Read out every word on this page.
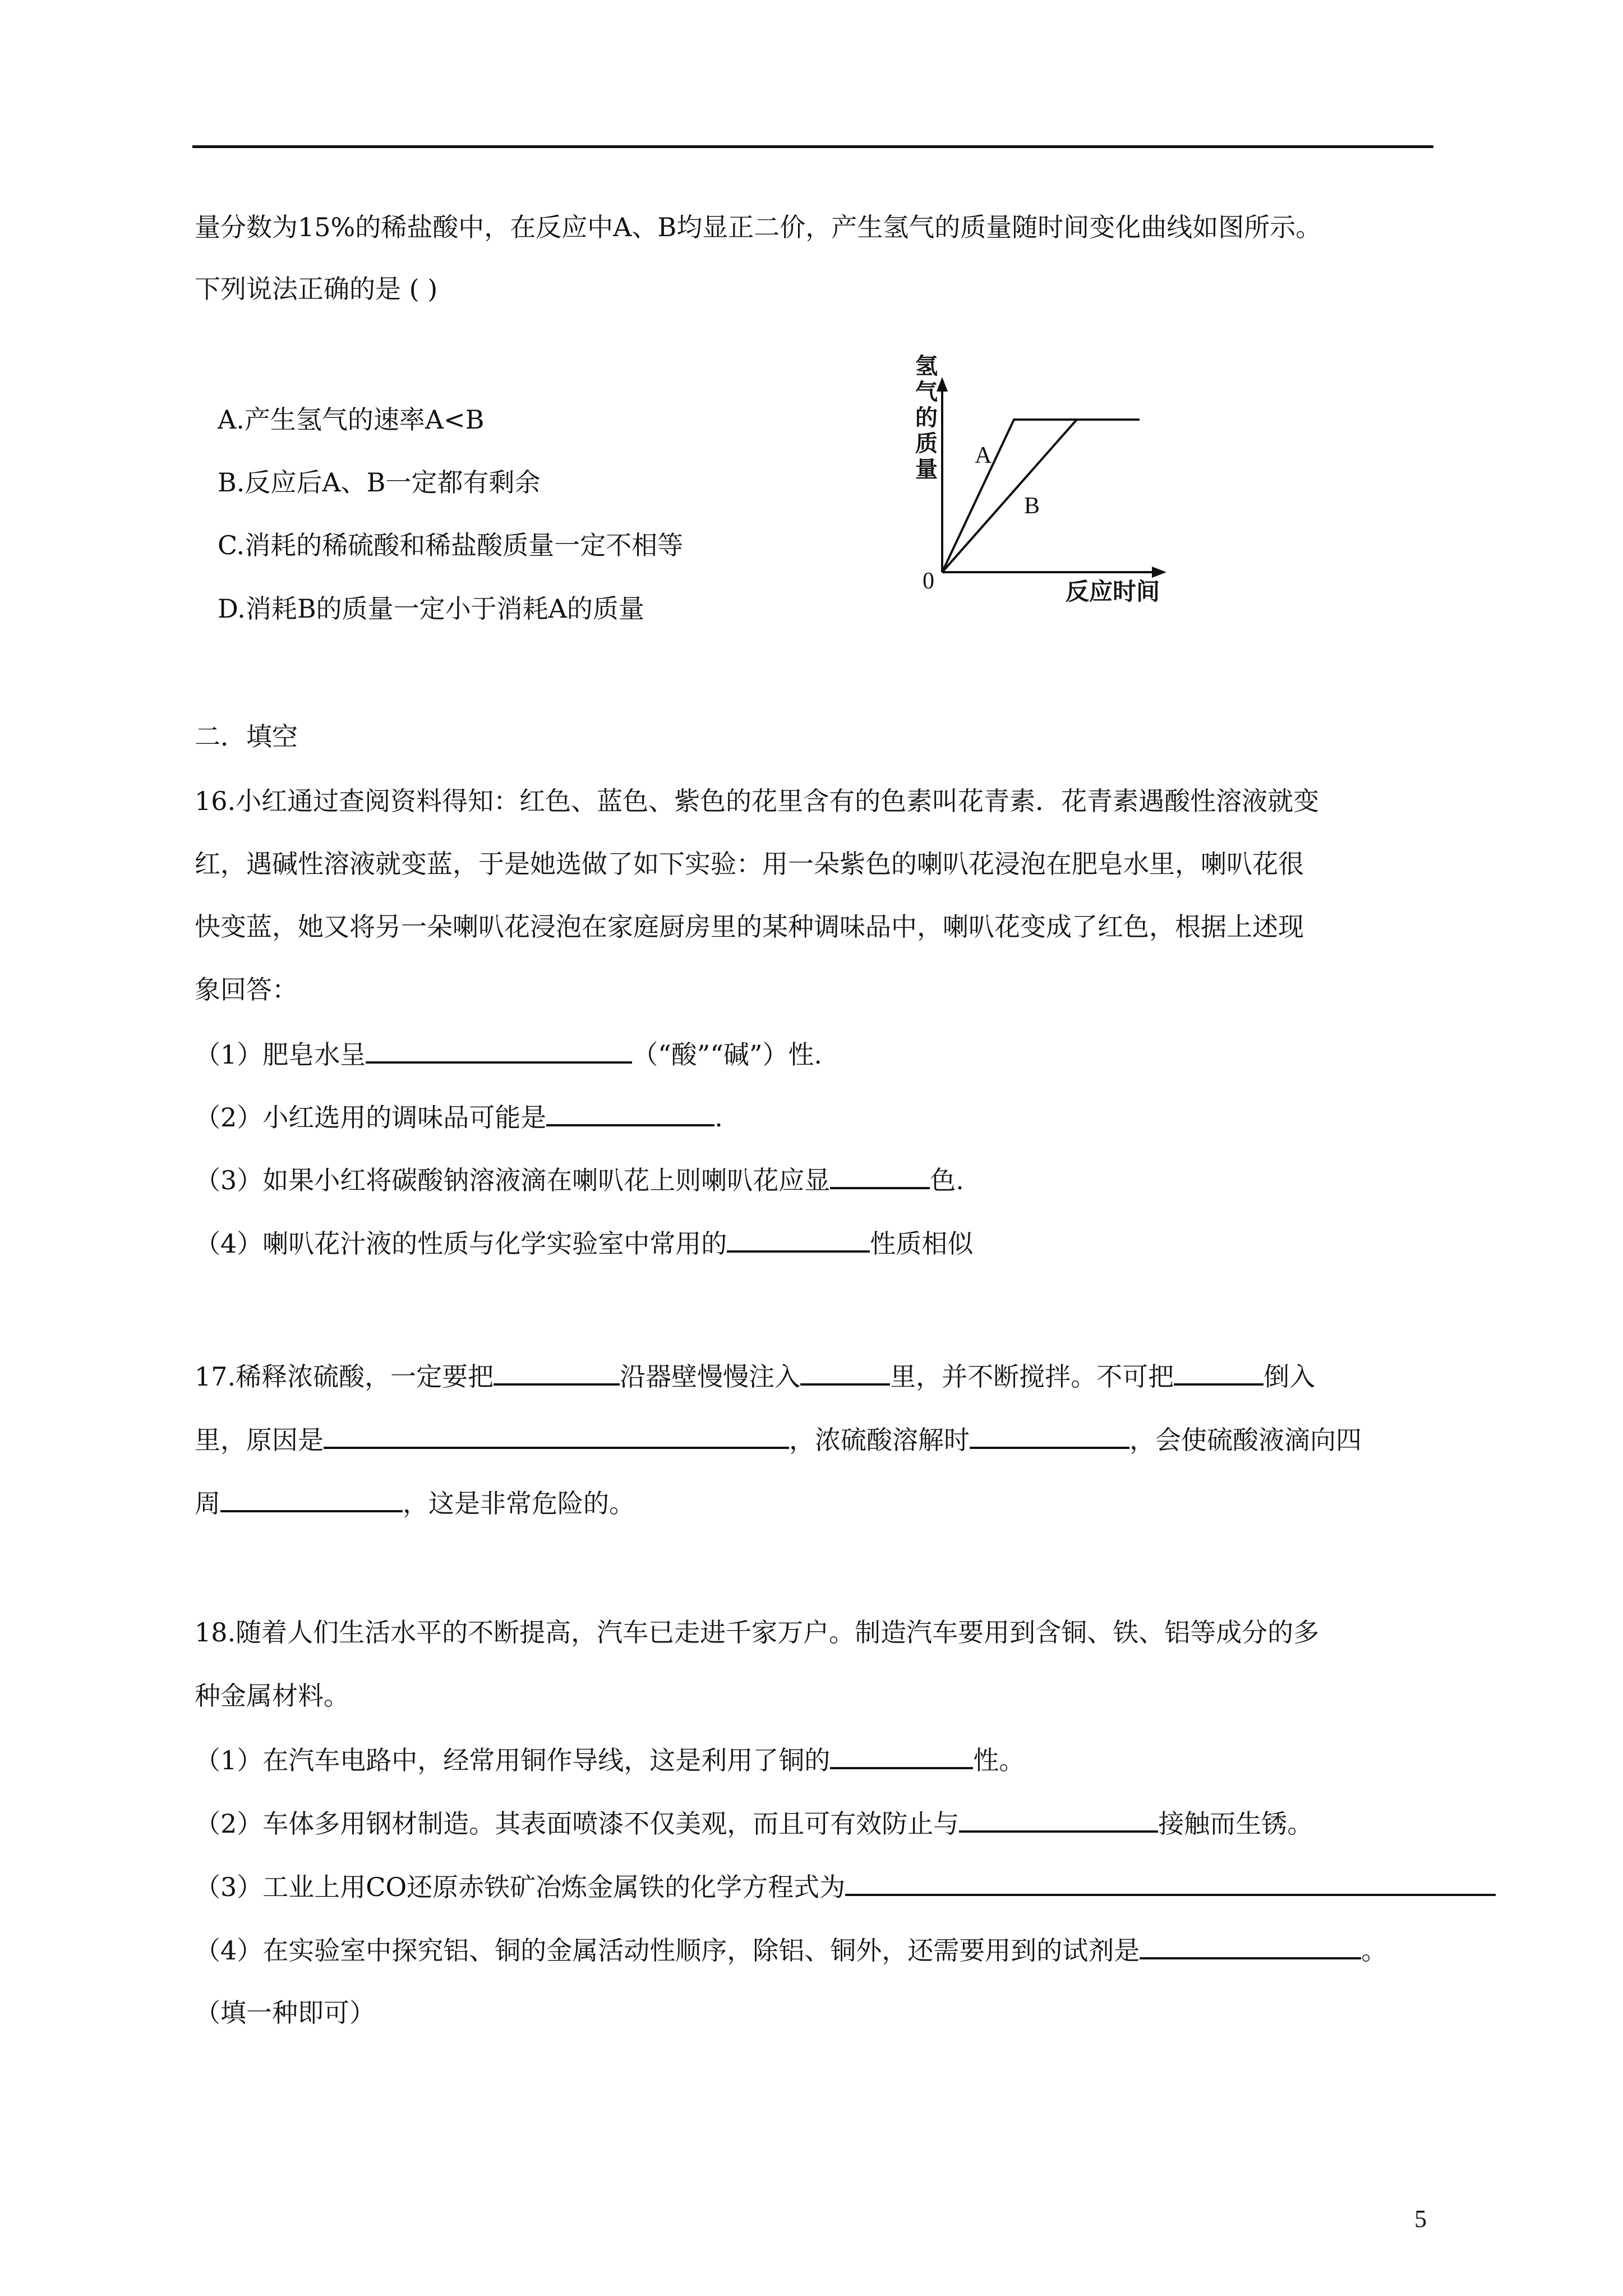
量分数为15%的稀盐酸中，在反应中A、B均显正二价，产生氢气的质量随时间变化曲线如图所示。
下列说法正确的是 ( )
A.产生氢气的速率A<B
B.反应后A、B一定都有剩余
C.消耗的稀硫酸和稀盐酸质量一定不相等
D.消耗B的质量一定小于消耗A的质量
氢气的质量
反应时间
0
A
B
二．填空
16.小红通过查阅资料得知：红色、蓝色、紫色的花里含有的色素叫花青素．花青素遇酸性溶液就变
红，遇碱性溶液就变蓝，于是她选做了如下实验：用一朵紫色的喇叭花浸泡在肥皂水里，喇叭花很
快变蓝，她又将另一朵喇叭花浸泡在家庭厨房里的某种调味品中，喇叭花变成了红色，根据上述现
象回答：
（1）肥皂水呈	（“酸”“碱”）性.
（2）小红选用的调味品可能是	.
（3）如果小红将碳酸钠溶液滴在喇叭花上则喇叭花应显	色.
（4）喇叭花汁液的性质与化学实验室中常用的	性质相似
17.稀释浓硫酸，一定要把	沿器壁慢慢注入	里，并不断搅拌。不可把	倒入
里，原因是	，浓硫酸溶解时	，会使硫酸液滴向四
周	，这是非常危险的。
18.随着人们生活水平的不断提高，汽车已走进千家万户。制造汽车要用到含铜、铁、铝等成分的多
种金属材料。
（1）在汽车电路中，经常用铜作导线，这是利用了铜的	性。
（2）车体多用钢材制造。其表面喷漆不仅美观，而且可有效防止与	接触而生锈。
（3）工业上用CO还原赤铁矿冶炼金属铁的化学方程式为
（4）在实验室中探究铝、铜的金属活动性顺序，除铝、铜外，还需要用到的试剂是	。
（填一种即可）
5
